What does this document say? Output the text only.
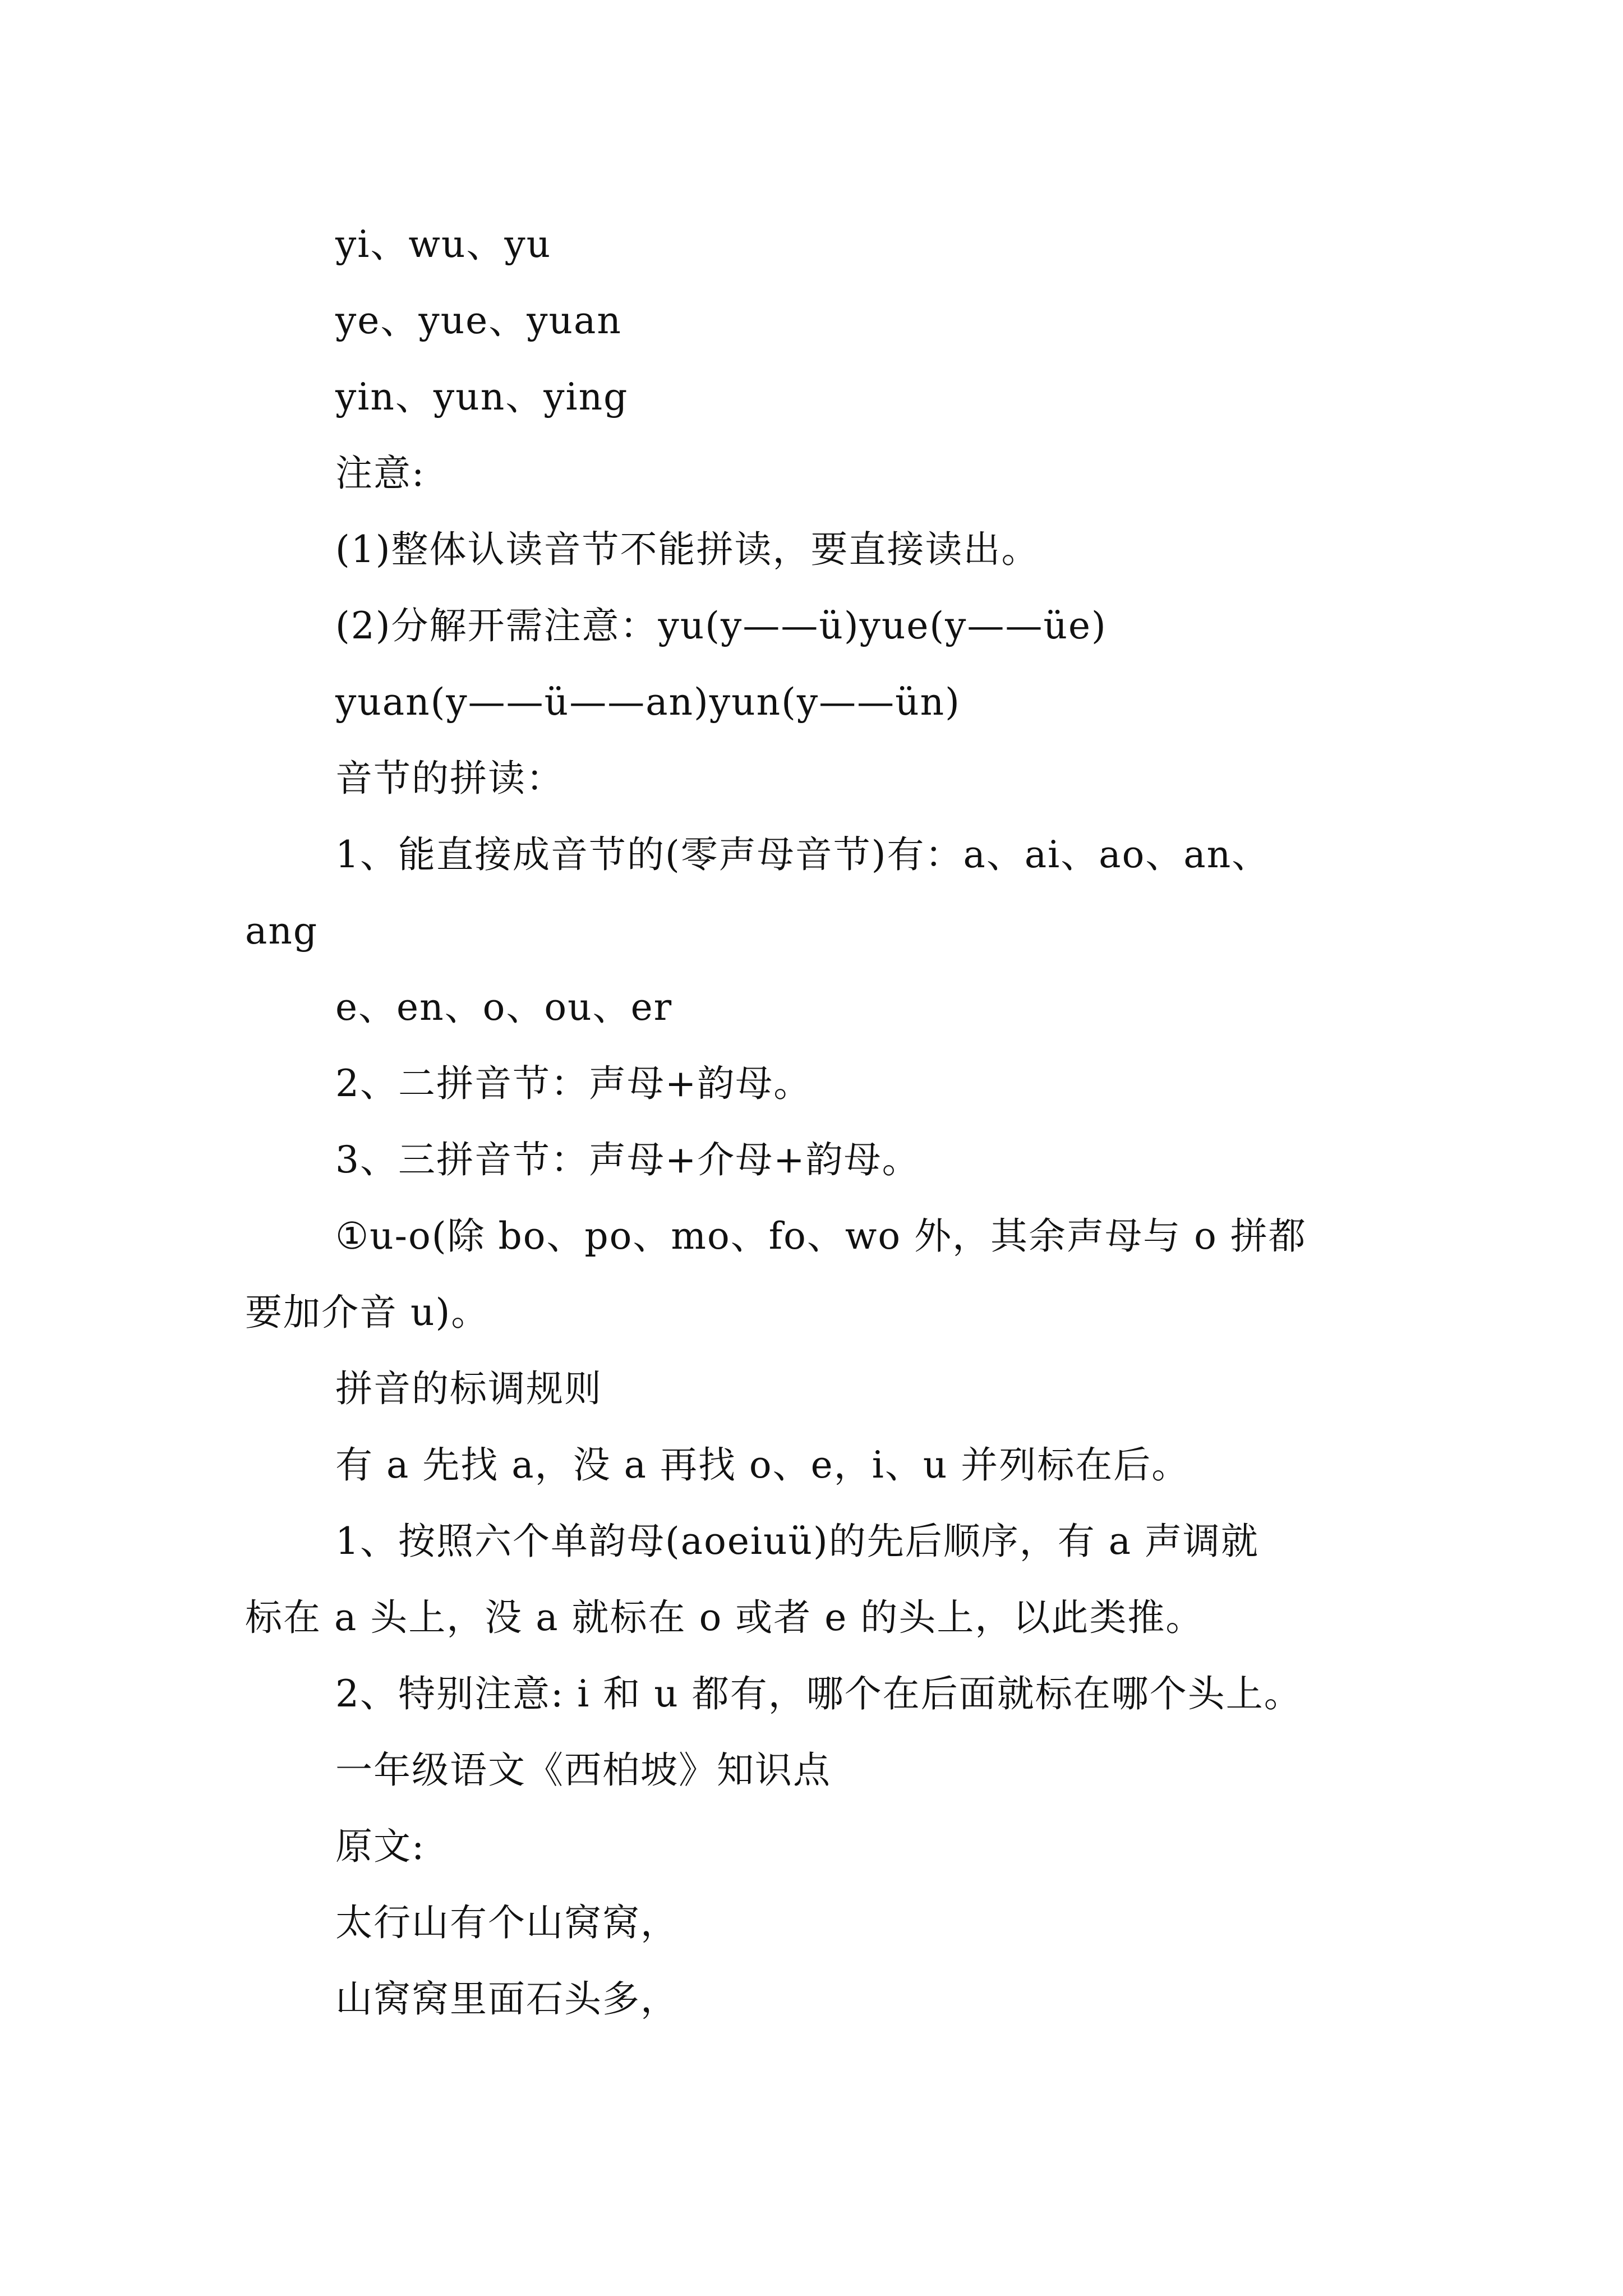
yi、wu、yu
ye、yue、yuan
yin、yun、ying
注意:
(1)整体认读音节不能拼读，要直接读出。
(2)分解开需注意：yu(y——ü)yue(y——üe)
yuan(y——ü——an)yun(y——ün)
音节的拼读：
1、能直接成音节的(零声母音节)有：a、ai、ao、an、
ang
e、en、o、ou、er
2、二拼音节：声母+韵母。
3、三拼音节：声母+介母+韵母。
①u-o(除 bo、po、mo、fo、wo 外，其余声母与 o 拼都
要加介音 u)。
拼音的标调规则
有 a 先找 a，没 a 再找 o、e，i、u 并列标在后。
1、按照六个单韵母(aoeiuü)的先后顺序，有 a 声调就
标在 a 头上，没 a 就标在 o 或者 e 的头上，以此类推。
2、特别注意: i 和 u 都有，哪个在后面就标在哪个头上。
一年级语文《西柏坡》知识点
原文:
太行山有个山窝窝，
山窝窝里面石头多，
